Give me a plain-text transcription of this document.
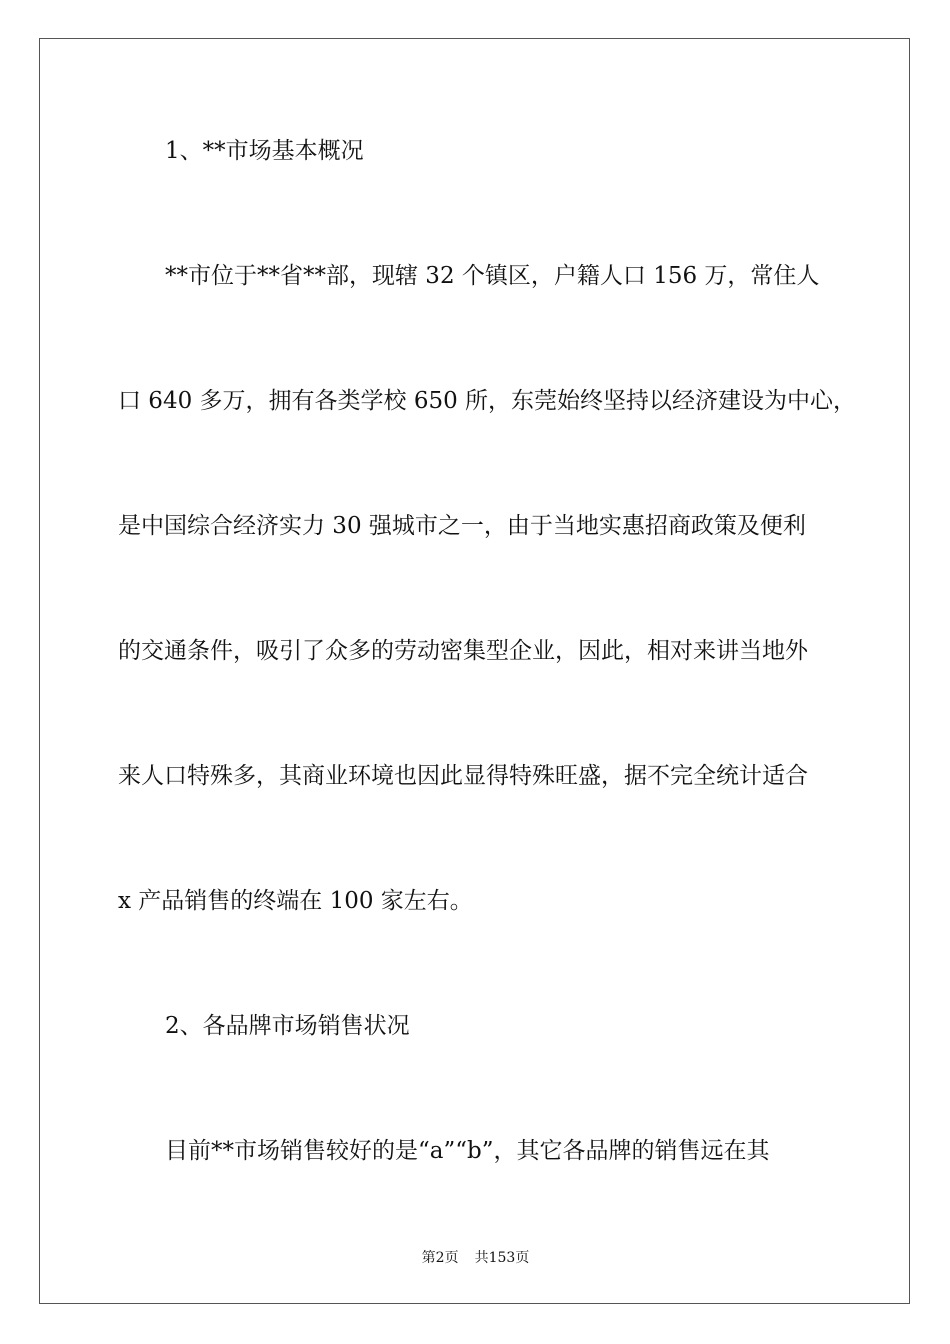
1、**市场基本概况

**市位于**省**部，现辖 32 个镇区，户籍人口 156 万，常住人

口 640 多万，拥有各类学校 650 所，东莞始终坚持以经济建设为中心，

是中国综合经济实力 30 强城市之一，由于当地实惠招商政策及便利

的交通条件，吸引了众多的劳动密集型企业，因此，相对来讲当地外

来人口特殊多，其商业环境也因此显得特殊旺盛，据不完全统计适合

x 产品销售的终端在 100 家左右。

2、各品牌市场销售状况

目前**市场销售较好的是“a”“b”，其它各品牌的销售远在其

第2页 共153页
